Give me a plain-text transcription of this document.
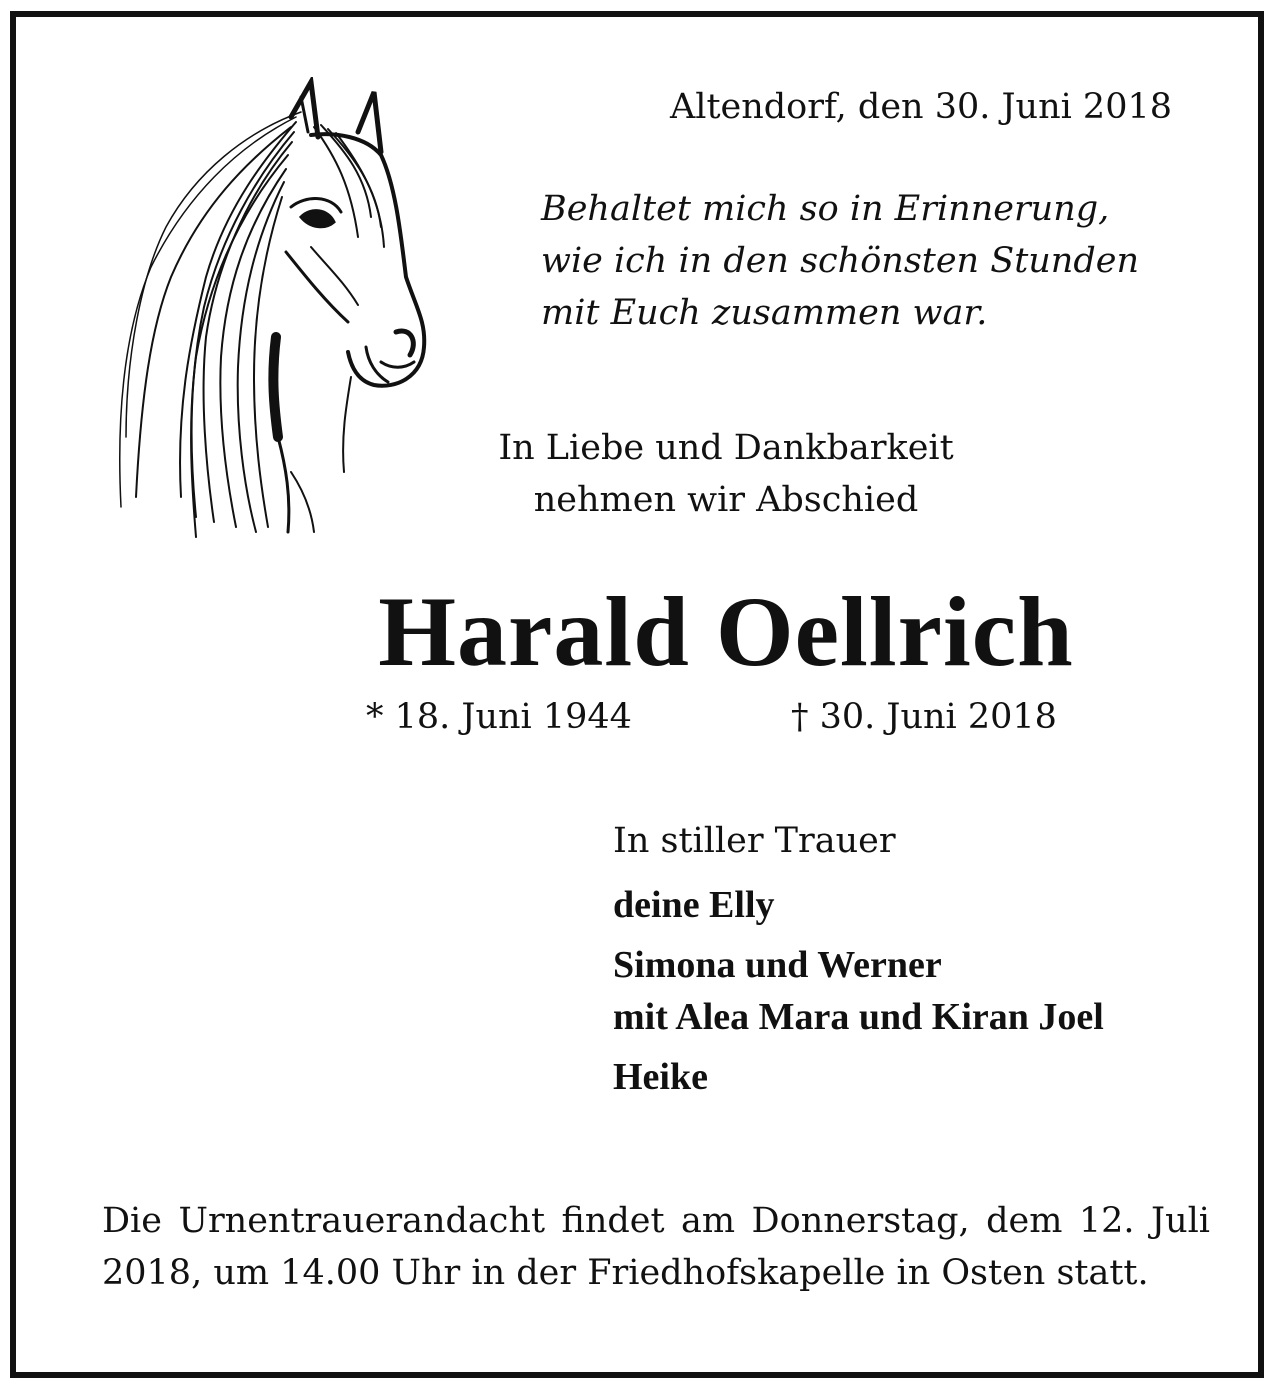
Altendorf, den 30. Juni 2018
Behaltet mich so in Erinnerung,
wie ich in den schönsten Stunden
mit Euch zusammen war.
In Liebe und Dankbarkeit
nehmen wir Abschied
Harald Oellrich
* 18. Juni 1944	† 30. Juni 2018
In stiller Trauer
deine Elly
Simona und Werner
mit Alea Mara und Kiran Joel
Heike
Die Urnentrauerandacht findet am Donnerstag, dem 12. Juli 2018, um 14.00 Uhr in der Friedhofskapelle in Osten statt.
